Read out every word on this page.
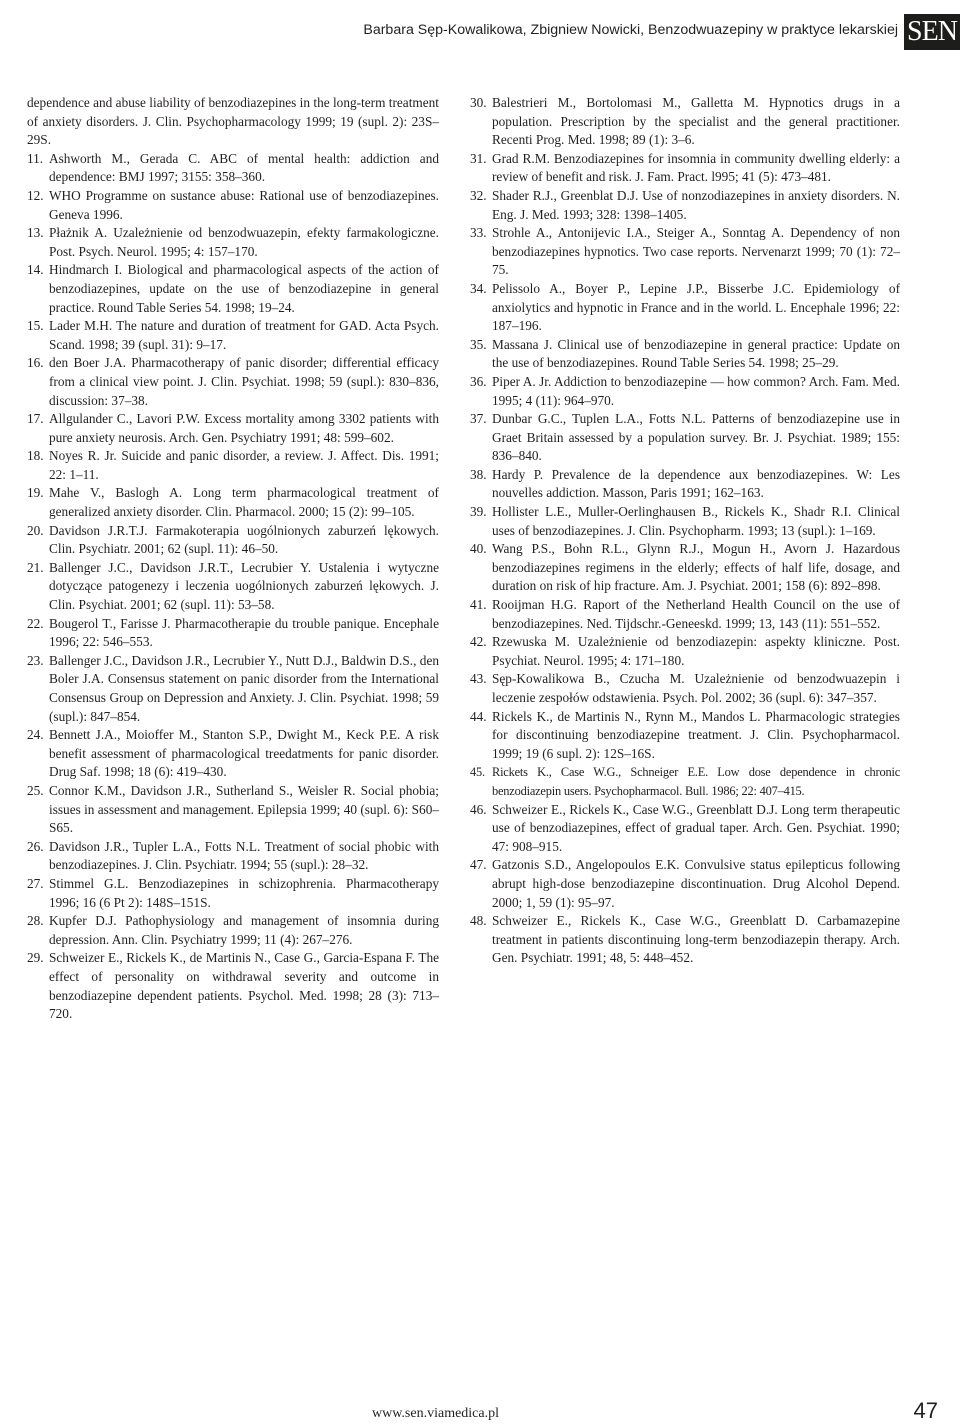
Barbara Sęp-Kowalikowa, Zbigniew Nowicki, Benzodwuazepiny w praktyce lekarskiej SEN
dependence and abuse liability of benzodiazepines in the long-term treatment of anxiety disorders. J. Clin. Psychopharmacology 1999; 19 (supl. 2): 23S–29S.
11. Ashworth M., Gerada C. ABC of mental health: addiction and dependence: BMJ 1997; 3155: 358–360.
12. WHO Programme on sustance abuse: Rational use of benzodiazepines. Geneva 1996.
13. Płażnik A. Uzależnienie od benzodwuazepin, efekty farmakologiczne. Post. Psych. Neurol. 1995; 4: 157–170.
14. Hindmarch I. Biological and pharmacological aspects of the action of benzodiazepines, update on the use of benzodiazepine in general practice. Round Table Series 54. 1998; 19–24.
15. Lader M.H. The nature and duration of treatment for GAD. Acta Psych. Scand. 1998; 39 (supl. 31): 9–17.
16. den Boer J.A. Pharmacotherapy of panic disorder; differential efficacy from a clinical view point. J. Clin. Psychiat. 1998; 59 (supl.): 830–836, discussion: 37–38.
17. Allgulander C., Lavori P.W. Excess mortality among 3302 patients with pure anxiety neurosis. Arch. Gen. Psychiatry 1991; 48: 599–602.
18. Noyes R. Jr. Suicide and panic disorder, a review. J. Affect. Dis. 1991; 22: 1–11.
19. Mahe V., Baslogh A. Long term pharmacological treatment of generalized anxiety disorder. Clin. Pharmacol. 2000; 15 (2): 99–105.
20. Davidson J.R.T.J. Farmakoterapia uogólnionych zaburzeń lękowych. Clin. Psychiatr. 2001; 62 (supl. 11): 46–50.
21. Ballenger J.C., Davidson J.R.T., Lecrubier Y. Ustalenia i wytyczne dotyczące patogenezy i leczenia uogólnionych zaburzeń lękowych. J. Clin. Psychiat. 2001; 62 (supl. 11): 53–58.
22. Bougerol T., Farisse J. Pharmacotherapie du trouble panique. Encephale 1996; 22: 546–553.
23. Ballenger J.C., Davidson J.R., Lecrubier Y., Nutt D.J., Baldwin D.S., den Boler J.A. Consensus statement on panic disorder from the International Consensus Group on Depression and Anxiety. J. Clin. Psychiat. 1998; 59 (supl.): 847–854.
24. Bennett J.A., Moioffer M., Stanton S.P., Dwight M., Keck P.E. A risk benefit assessment of pharmacological treedatments for panic disorder. Drug Saf. 1998; 18 (6): 419–430.
25. Connor K.M., Davidson J.R., Sutherland S., Weisler R. Social phobia; issues in assessment and management. Epilepsia 1999; 40 (supl. 6): S60–S65.
26. Davidson J.R., Tupler L.A., Fotts N.L. Treatment of social phobic with benzodiazepines. J. Clin. Psychiatr. 1994; 55 (supl.): 28–32.
27. Stimmel G.L. Benzodiazepines in schizophrenia. Pharmacotherapy 1996; 16 (6 Pt 2): 148S–151S.
28. Kupfer D.J. Pathophysiology and management of insomnia during depression. Ann. Clin. Psychiatry 1999; 11 (4): 267–276.
29. Schweizer E., Rickels K., de Martinis N., Case G., Garcia-Espana F. The effect of personality on withdrawal severity and outcome in benzodiazepine dependent patients. Psychol. Med. 1998; 28 (3): 713–720.
30. Balestrieri M., Bortolomasi M., Galletta M. Hypnotics drugs in a population. Prescription by the specialist and the general practitioner. Recenti Prog. Med. 1998; 89 (1): 3–6.
31. Grad R.M. Benzodiazepines for insomnia in community dwelling elderly: a review of benefit and risk. J. Fam. Pract. l995; 41 (5): 473–481.
32. Shader R.J., Greenblat D.J. Use of nonzodiazepines in anxiety disorders. N. Eng. J. Med. 1993; 328: 1398–1405.
33. Strohle A., Antonijevic I.A., Steiger A., Sonntag A. Dependency of non benzodiazepines hypnotics. Two case reports. Nervenarzt 1999; 70 (1): 72–75.
34. Pelissolo A., Boyer P., Lepine J.P., Bisserbe J.C. Epidemiology of anxiolytics and hypnotic in France and in the world. L. Encephale 1996; 22: 187–196.
35. Massana J. Clinical use of benzodiazepine in general practice: Update on the use of benzodiazepines. Round Table Series 54. 1998; 25–29.
36. Piper A. Jr. Addiction to benzodiazepine — how common? Arch. Fam. Med. 1995; 4 (11): 964–970.
37. Dunbar G.C., Tuplen L.A., Fotts N.L. Patterns of benzodiazepine use in Graet Britain assessed by a population survey. Br. J. Psychiat. 1989; 155: 836–840.
38. Hardy P. Prevalence de la dependence aux benzodiazepines. W: Les nouvelles addiction. Masson, Paris 1991; 162–163.
39. Hollister L.E., Muller-Oerlinghausen B., Rickels K., Shadr R.I. Clinical uses of benzodiazepines. J. Clin. Psychopharm. 1993; 13 (supl.): 1–169.
40. Wang P.S., Bohn R.L., Glynn R.J., Mogun H., Avorn J. Hazardous benzodiazepines regimens in the elderly; effects of half life, dosage, and duration on risk of hip fracture. Am. J. Psychiat. 2001; 158 (6): 892–898.
41. Rooijman H.G. Raport of the Netherland Health Council on the use of benzodiazepines. Ned. Tijdschr.-Geneeskd. 1999; 13, 143 (11): 551–552.
42. Rzewuska M. Uzależnienie od benzodiazepin: aspekty kliniczne. Post. Psychiat. Neurol. 1995; 4: 171–180.
43. Sęp-Kowalikowa B., Czucha M. Uzależnienie od benzodwuazepin i leczenie zespołów odstawienia. Psych. Pol. 2002; 36 (supl. 6): 347–357.
44. Rickels K., de Martinis N., Rynn M., Mandos L. Pharmacologic strategies for discontinuing benzodiazepine treatment. J. Clin. Psychopharmacol. 1999; 19 (6 supl. 2): 12S–16S.
45. Rickets K., Case W.G., Schneiger E.E. Low dose dependence in chronic benzodiazepin users. Psychopharmacol. Bull. 1986; 22: 407–415.
46. Schweizer E., Rickels K., Case W.G., Greenblatt D.J. Long term therapeutic use of benzodiazepines, effect of gradual taper. Arch. Gen. Psychiat. 1990; 47: 908–915.
47. Gatzonis S.D., Angelopoulos E.K. Convulsive status epilepticus following abrupt high-dose benzodiazepine discontinuation. Drug Alcohol Depend. 2000; 1, 59 (1): 95–97.
48. Schweizer E., Rickels K., Case W.G., Greenblatt D. Carbamazepine treatment in patients discontinuing long-term benzodiazepin therapy. Arch. Gen. Psychiatr. 1991; 48, 5: 448–452.
www.sen.viamedica.pl	47
